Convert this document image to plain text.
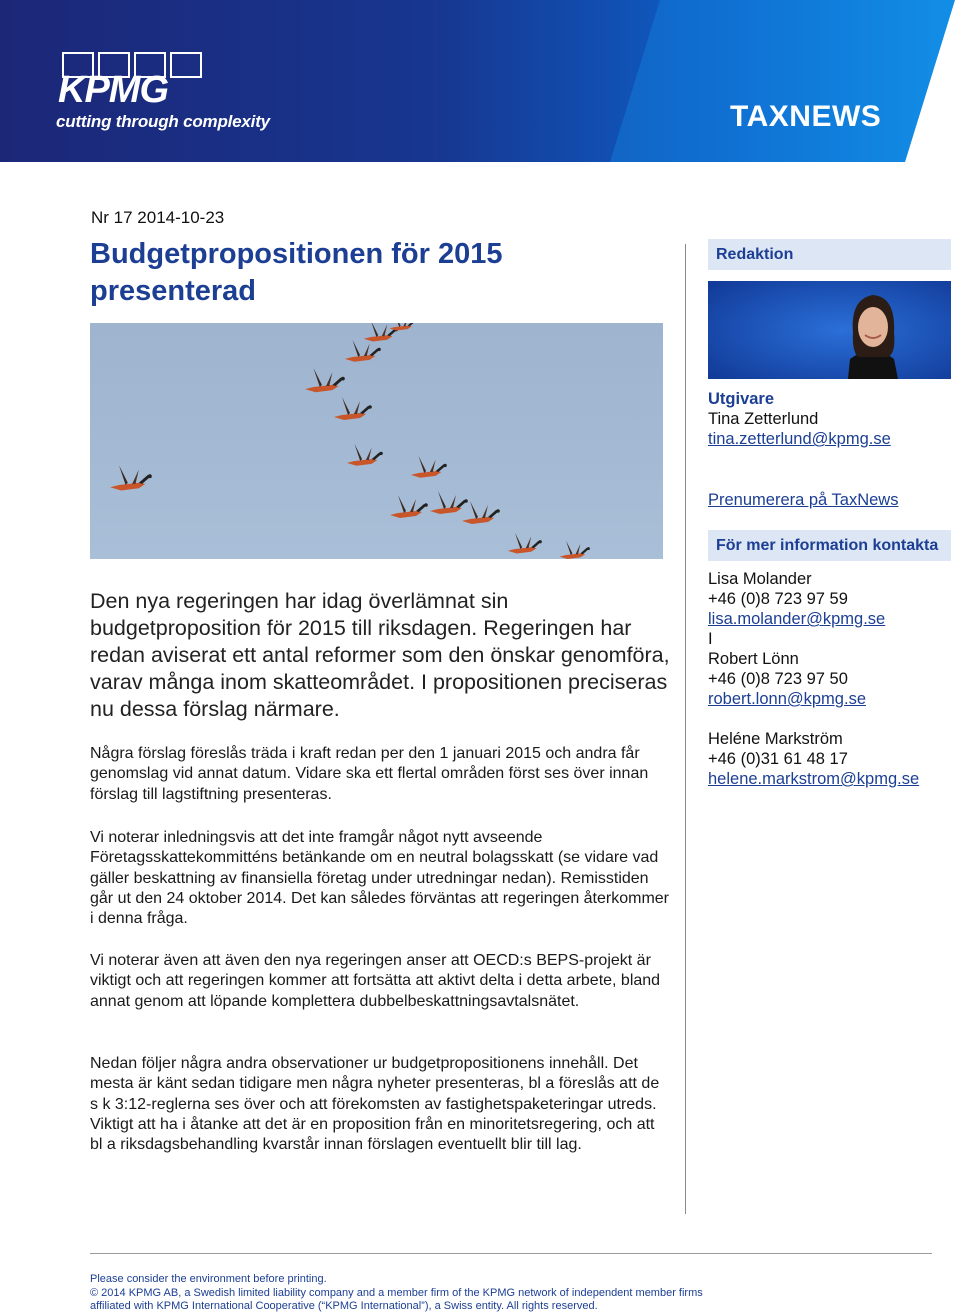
KPMG
cutting through complexity	TAXNEWS
Nr 17 2014-10-23
Budgetpropositionen för 2015 presenterad
Den nya regeringen har idag överlämnat sin budgetproposition för 2015 till riksdagen. Regeringen har redan aviserat ett antal reformer som den önskar genomföra, varav många inom skatteområdet. I propositionen preciseras nu dessa förslag närmare.
Några förslag föreslås träda i kraft redan per den 1 januari 2015 och andra får genomslag vid annat datum. Vidare ska ett flertal områden först ses över innan förslag till lagstiftning presenteras.
Vi noterar inledningsvis att det inte framgår något nytt avseende Företagsskattekommitténs betänkande om en neutral bolagsskatt (se vidare vad gäller beskattning av finansiella företag under utredningar nedan). Remisstiden går ut den 24 oktober 2014. Det kan således förväntas att regeringen återkommer i denna fråga.
Vi noterar även att även den nya regeringen anser att OECD:s BEPS-projekt är viktigt och att regeringen kommer att fortsätta att aktivt delta i detta arbete, bland annat genom att löpande komplettera dubbelbeskattningsavtalsnätet.
Nedan följer några andra observationer ur budgetpropositionens innehåll. Det mesta är känt sedan tidigare men några nyheter presenteras, bl a föreslås att de s k 3:12-reglerna ses över och att förekomsten av fastighetspaketeringar utreds. Viktigt att ha i åtanke att det är en proposition från en minoritetsregering, och att bl a riksdagsbehandling kvarstår innan förslagen eventuellt blir till lag.
Redaktion
Utgivare
Tina Zetterlund
tina.zetterlund@kpmg.se
Prenumerera på TaxNews
För mer information kontakta
Lisa Molander
+46 (0)8 723 97 59
lisa.molander@kpmg.se
I
Robert Lönn
+46 (0)8 723 97 50
robert.lonn@kpmg.se
Heléne Markström
+46 (0)31 61 48 17
helene.markstrom@kpmg.se
Please consider the environment before printing.
© 2014 KPMG AB, a Swedish limited liability company and a member firm of the KPMG network of independent member firms
affiliated with KPMG International Cooperative (“KPMG International”), a Swiss entity. All rights reserved.
